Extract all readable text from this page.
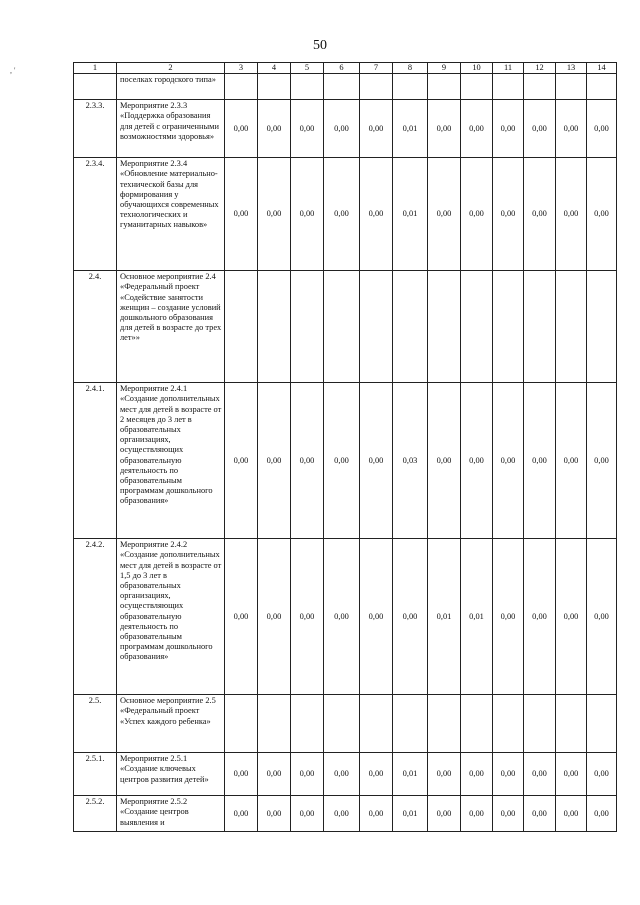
50
, '	1	2	3	4	5	6	7	8	9	10	11	12	13	14
	поселках городского типа»												
2.3.3.	Мероприятие 2.3.3 «Поддержка образования для детей с ограниченными возможностями здоровья»	0,00	0,00	0,00	0,00	0,00	0,01	0,00	0,00	0,00	0,00	0,00	0,00
2.3.4.	Мероприятие 2.3.4 «Обновление материально-технической базы для формирования у обучающихся современных технологических и гуманитарных навыков»	0,00	0,00	0,00	0,00	0,00	0,01	0,00	0,00	0,00	0,00	0,00	0,00
2.4.	Основное мероприятие 2.4 «Федеральный проект «Содействие занятости женщин – создание условий дошкольного образования для детей в возрасте до трех лет»»												
2.4.1.	Мероприятие 2.4.1 «Создание дополнительных мест для детей в возрасте от 2 месяцев до 3 лет в образовательных организациях, осуществляющих образовательную деятельность по образовательным программам дошкольного образования»	0,00	0,00	0,00	0,00	0,00	0,03	0,00	0,00	0,00	0,00	0,00	0,00
2.4.2.	Мероприятие 2.4.2 «Создание дополнительных мест для детей в возрасте от 1,5 до 3 лет в образовательных организациях, осуществляющих образовательную деятельность по образовательным программам дошкольного образования»	0,00	0,00	0,00	0,00	0,00	0,00	0,01	0,01	0,00	0,00	0,00	0,00
2.5.	Основное мероприятие 2.5 «Федеральный проект «Успех каждого ребенка»												
2.5.1.	Мероприятие 2.5.1 «Создание ключевых центров развития детей»	0,00	0,00	0,00	0,00	0,00	0,01	0,00	0,00	0,00	0,00	0,00	0,00
2.5.2.	Мероприятие 2.5.2 «Создание центров выявления и	0,00	0,00	0,00	0,00	0,00	0,01	0,00	0,00	0,00	0,00	0,00	0,00
